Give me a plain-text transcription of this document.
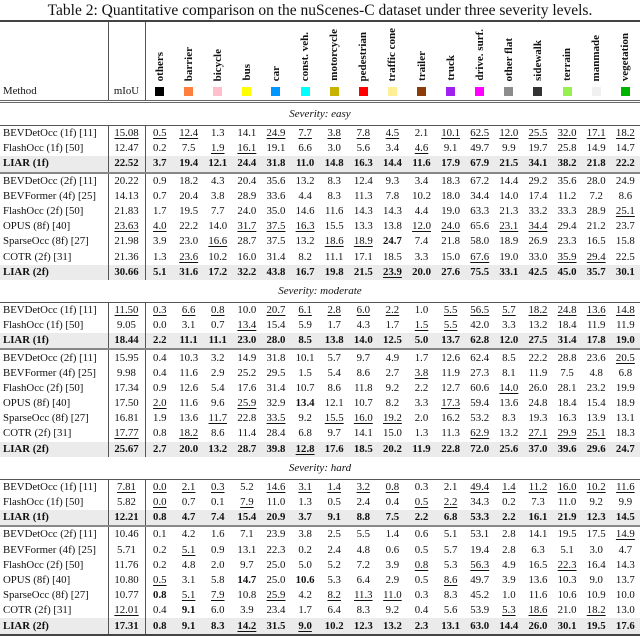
Table 2: Quantitative comparison on the nuScenes-C dataset under three severity levels.
Method	mIoU	others	barrier	bicycle	bus	car	const. veh.	motorcycle	pedestrian	traffic cone	trailer	truck	drive. surf.	other flat	sidewalk	terrain	manmade	vegetation

Severity: easy																		
BEVDetOcc (1f) [11]	15.08	0.5	12.4	1.3	14.1	24.9	7.7	3.8	7.8	4.5	2.1	10.1	62.5	12.0	25.5	32.0	17.1	18.2
FlashOcc (1f) [50]	12.47	0.2	7.5	1.9	16.1	19.1	6.6	3.0	5.6	3.4	4.6	9.1	49.7	9.9	19.7	25.8	14.9	14.7
LIAR (1f)	22.52	3.7	19.4	12.1	24.4	31.8	11.0	14.8	16.3	14.4	11.6	17.9	67.9	21.5	34.1	38.2	21.8	22.2
BEVDetOcc (2f) [11]	20.22	0.9	18.2	4.3	20.4	35.6	13.2	8.3	12.4	9.3	3.4	18.3	67.2	14.4	29.2	35.6	28.0	24.9
BEVFormer (4f) [25]	14.13	0.7	20.4	3.8	28.9	33.6	4.4	8.3	11.3	7.8	10.2	18.0	34.4	14.0	17.4	11.2	7.2	8.6
FlashOcc (2f) [50]	21.83	1.7	19.5	7.7	24.0	35.0	14.6	11.6	14.3	14.3	4.4	19.0	63.3	21.3	33.2	33.3	28.9	25.1
OPUS (8f) [40]	23.63	4.0	22.2	14.0	31.7	37.5	16.3	15.5	13.3	13.8	12.0	24.0	65.6	23.1	34.4	29.4	21.2	23.7
SparseOcc (8f) [27]	21.98	3.9	23.0	16.6	28.7	37.5	13.2	18.6	18.9	24.7	7.4	21.8	58.0	18.9	26.9	23.3	16.5	15.8
COTR (2f) [31]	21.36	1.3	23.6	10.2	16.0	31.4	8.2	11.1	17.1	18.5	3.3	15.0	67.6	19.0	33.0	35.9	29.4	22.5
LIAR (2f)	30.66	5.1	31.6	17.2	32.2	43.8	16.7	19.8	21.5	23.9	20.0	27.6	75.5	33.1	42.5	45.0	35.7	30.1
Severity: moderate																		
BEVDetOcc (1f) [11]	11.50	0.3	6.6	0.8	10.0	20.7	6.1	2.8	6.0	2.2	1.0	5.5	56.5	5.7	18.2	24.8	13.6	14.8
FlashOcc (1f) [50]	9.05	0.0	3.1	0.7	13.4	15.4	5.9	1.7	4.3	1.7	1.5	5.5	42.0	3.3	13.2	18.4	11.9	11.9
LIAR (1f)	18.44	2.2	11.1	11.1	23.0	28.0	8.5	13.8	14.0	12.5	5.0	13.7	62.8	12.0	27.5	31.4	17.8	19.0
BEVDetOcc (2f) [11]	15.95	0.4	10.3	3.2	14.9	31.8	10.1	5.7	9.7	4.9	1.7	12.6	62.4	8.5	22.2	28.8	23.6	20.5
BEVFormer (4f) [25]	9.98	0.4	11.6	2.9	25.2	29.5	1.5	5.4	8.6	2.7	3.8	11.9	27.3	8.1	11.9	7.5	4.8	6.8
FlashOcc (2f) [50]	17.34	0.9	12.6	5.4	17.6	31.4	10.7	8.6	11.8	9.2	2.2	12.7	60.6	14.0	26.0	28.1	23.2	19.9
OPUS (8f) [40]	17.50	2.0	11.6	9.6	25.9	32.9	13.4	12.1	10.7	8.2	3.3	17.3	59.4	13.6	24.8	18.4	15.4	18.9
SparseOcc (8f) [27]	16.81	1.9	13.6	11.7	22.8	33.5	9.2	15.5	16.0	19.2	2.0	16.2	53.2	8.3	19.3	16.3	13.9	13.1
COTR (2f) [31]	17.77	0.8	18.2	8.6	11.4	28.4	6.8	9.7	14.1	15.0	1.3	11.3	62.9	13.2	27.1	29.9	25.1	18.3
LIAR (2f)	25.67	2.7	20.0	13.2	28.7	39.8	12.8	17.6	18.5	20.2	11.9	22.8	72.0	25.6	37.0	39.6	29.6	24.7
Severity: hard																		
BEVDetOcc (1f) [11]	7.81	0.0	2.1	0.3	5.2	14.6	3.1	1.4	3.2	0.8	0.3	2.1	49.4	1.4	11.2	16.0	10.2	11.6
FlashOcc (1f) [50]	5.82	0.0	0.7	0.1	7.9	11.0	1.3	0.5	2.4	0.4	0.5	2.2	34.3	0.2	7.3	11.0	9.2	9.9
LIAR (1f)	12.21	0.8	4.7	7.4	15.4	20.9	3.7	9.1	8.8	7.5	2.2	6.8	53.3	2.2	16.1	21.9	12.3	14.5
BEVDetOcc (2f) [11]	10.46	0.1	4.2	1.6	7.1	23.9	3.8	2.5	5.5	1.4	0.6	5.1	53.1	2.8	14.1	19.5	17.5	14.9
BEVFormer (4f) [25]	5.71	0.2	5.1	0.9	13.1	22.3	0.2	2.4	4.8	0.6	0.5	5.7	19.4	2.8	6.3	5.1	3.0	4.7
FlashOcc (2f) [50]	11.76	0.2	4.8	2.0	9.7	25.0	5.0	5.2	7.2	3.9	0.8	5.3	56.3	4.9	16.5	22.3	16.4	14.3
OPUS (8f) [40]	10.80	0.5	3.1	5.8	14.7	25.0	10.6	5.3	6.4	2.9	0.5	8.6	49.7	3.9	13.6	10.3	9.0	13.7
SparseOcc (8f) [27]	10.77	0.8	5.1	7.9	10.8	25.9	4.2	8.2	11.3	11.0	0.3	8.3	45.2	1.0	11.6	10.6	10.9	10.0
COTR (2f) [31]	12.01	0.4	9.1	6.0	3.9	23.4	1.7	6.4	8.3	9.2	0.4	5.6	53.9	5.3	18.6	21.0	18.2	13.0
LIAR (2f)	17.31	0.8	9.1	8.3	14.2	31.5	9.0	10.2	12.3	13.2	2.3	13.1	63.0	14.4	26.0	30.1	19.5	17.6
